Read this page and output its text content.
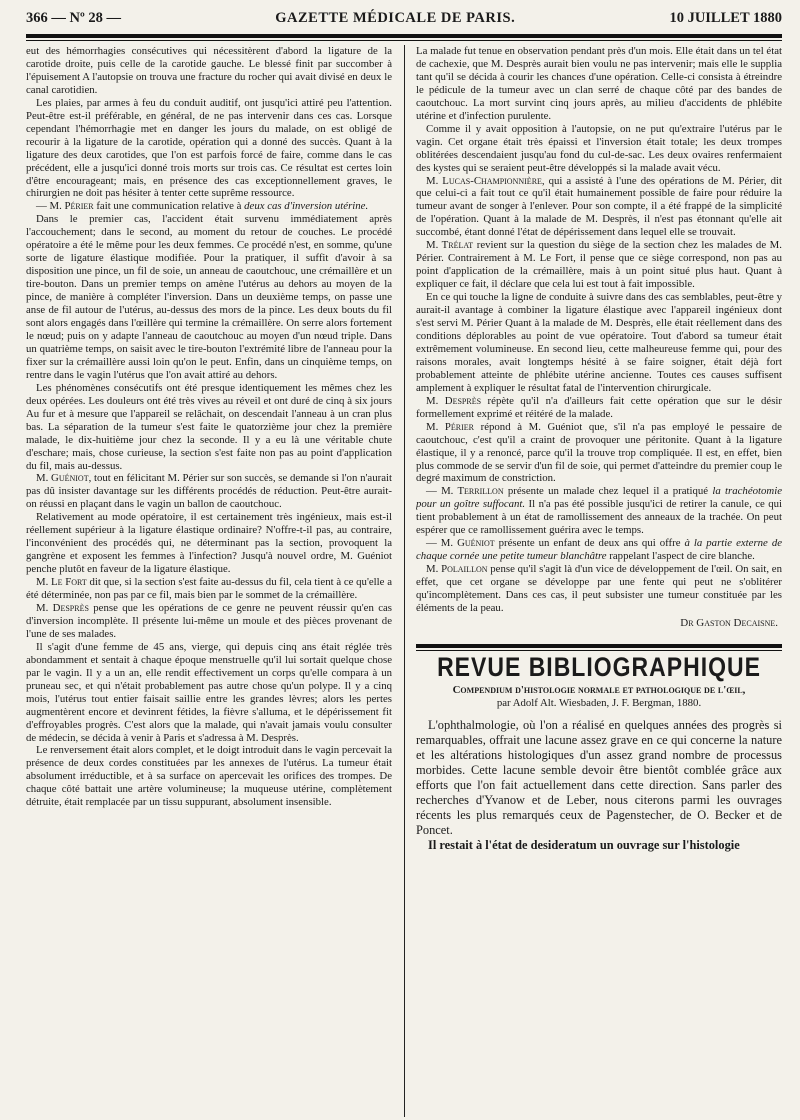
366 — Nº 28 —	GAZETTE MÉDICALE DE PARIS.	10 JUILLET 1880

eut des hémorrhagies consécutives qui nécessitèrent d'abord la ligature de la carotide droite, puis celle de la carotide gauche. Le blessé finit par succomber à l'épuisement A l'autopsie on trouva une fracture du rocher qui avait divisé en deux le canal carotidien.

Les plaies, par armes à feu du conduit auditif, ont jusqu'ici attiré peu l'attention. Peut-être est-il préférable, en général, de ne pas intervenir dans ces cas. Lorsque cependant l'hémorrhagie met en danger les jours du malade, on est obligé de recourir à la ligature de la carotide, opération qui a donné des succès. Quant à la ligature des deux carotides, que l'on est parfois forcé de faire, comme dans le cas précédent, elle a jusqu'ici donné trois morts sur trois cas. Ce résultat est certes loin d'être encourageant; mais, en présence des cas exceptionnellement graves, le chirurgien ne doit pas hésiter à tenter cette suprême ressource.

— M. Périer fait une communication relative à deux cas d'inversion utérine.

Dans le premier cas, l'accident était survenu immédiatement après l'accouchement; dans le second, au moment du retour de couches. Le procédé opératoire a été le même pour les deux femmes. Ce procédé n'est, en somme, qu'une sorte de ligature élastique modifiée. Pour la pratiquer, il suffit d'avoir à sa disposition une pince, un fil de soie, un anneau de caoutchouc, une crémaillère et un tire-bouton. Dans un premier temps on amène l'utérus au dehors au moyen de la pince, de manière à compléter l'inversion. Dans un deuxième temps, on passe une anse de fil autour de l'utérus, au-dessus des mors de la pince. Les deux bouts du fil sont alors engagés dans l'œillère qui termine la crémaillère. On serre alors fortement le nœud; puis on y adapte l'anneau de caoutchouc au moyen d'un nœud triple. Dans un quatrième temps, on saisit avec le tire-bouton l'extrémité libre de l'anneau pour la fixer sur la crémaillère aussi loin qu'on le peut. Enfin, dans un cinquième temps, on rentre dans le vagin l'utérus que l'on avait attiré au dehors.

Les phénomènes consécutifs ont été presque identiquement les mêmes chez les deux opérées. Les douleurs ont été très vives au réveil et ont duré de cinq à six jours Au fur et à mesure que l'appareil se relâchait, on descendait l'anneau à un cran plus bas. La séparation de la tumeur s'est faite le quatorzième jour chez la première malade, le dix-huitième jour chez la seconde. Il y a eu là une véritable chute d'eschare; mais, chose curieuse, la section s'est faite non pas au point d'application du fil, mais au-dessus.

M. Guéniot, tout en félicitant M. Périer sur son succès, se demande si l'on n'aurait pas dû insister davantage sur les différents procédés de réduction. Peut-être aurait-on réussi en plaçant dans le vagin un ballon de caoutchouc.

Relativement au mode opératoire, il est certainement très ingénieux, mais est-il réellement supérieur à la ligature élastique ordinaire? N'offre-t-il pas, au contraire, l'inconvénient des procédés qui, ne déterminant pas la section, provoquent la gangrène et exposent les femmes à l'infection? Jusqu'à nouvel ordre, M. Guéniot penche plutôt en faveur de la ligature élastique.

M. Le Fort dit que, si la section s'est faite au-dessus du fil, cela tient à ce qu'elle a été déterminée, non pas par ce fil, mais bien par le sommet de la crémaillère.

M. Desprès pense que les opérations de ce genre ne peuvent réussir qu'en cas d'inversion incomplète. Il présente lui-même un moule et des pièces provenant de l'une de ses malades.

Il s'agit d'une femme de 45 ans, vierge, qui depuis cinq ans était réglée très abondamment et sentait à chaque époque menstruelle qu'il lui sortait quelque chose par le vagin. Il y a un an, elle rendit effectivement un corps qu'elle compara à un pruneau sec, et qui n'était probablement pas autre chose qu'un polype. Il y a cinq mois, l'utérus tout entier faisait saillie entre les grandes lèvres; alors les pertes augmentèrent encore et devinrent fétides, la fièvre s'alluma, et le dépérissement fit d'effroyables progrès. C'est alors que la malade, qui n'avait jamais voulu consulter de médecin, se décida à venir à Paris et s'adressa à M. Desprès.

Le renversement était alors complet, et le doigt introduit dans le vagin percevait la présence de deux cordes constituées par les annexes de l'utérus. La tumeur était absolument irréductible, et à sa surface on apercevait les orifices des trompes. De chaque côté battait une artère volumineuse; la muqueuse utérine, complètement détruite, était remplacée par un tissu suppurant, absolument insensible.

La malade fut tenue en observation pendant près d'un mois. Elle était dans un tel état de cachexie, que M. Desprès aurait bien voulu ne pas intervenir; mais elle le supplia tant qu'il se décida à courir les chances d'une opération. Celle-ci consista à étreindre le pédicule de la tumeur avec un clan serré de chaque côté par des bandes de caoutchouc. La mort survint cinq jours après, au milieu d'accidents de phlébite utérine et d'infection purulente.

Comme il y avait opposition à l'autopsie, on ne put qu'extraire l'utérus par le vagin. Cet organe était très épaissi et l'inversion était totale; les deux trompes oblitérées descendaient jusqu'au fond du cul-de-sac. Les deux ovaires renfermaient des kystes qui se seraient peut-être développés si la malade avait vécu.

M. Lucas-Championnière, qui a assisté à l'une des opérations de M. Périer, dit que celui-ci a fait tout ce qu'il était humainement possible de faire pour réduire la tumeur avant de songer à l'enlever. Pour son compte, il a été frappé de la simplicité de l'opération. Quant à la malade de M. Desprès, il n'est pas étonnant qu'elle ait succombé, étant donné l'état de dépérissement dans lequel elle se trouvait.

M. Trélat revient sur la question du siège de la section chez les malades de M. Périer. Contrairement à M. Le Fort, il pense que ce siège correspond, non pas au point d'application de la crémaillère, mais à un point situé plus haut. Quant à expliquer ce fait, il déclare que cela lui est tout à fait impossible.

En ce qui touche la ligne de conduite à suivre dans des cas semblables, peut-être y aurait-il avantage à combiner la ligature élastique avec l'appareil ingénieux dont s'est servi M. Périer Quant à la malade de M. Desprès, elle était réellement dans des conditions déplorables au point de vue opératoire. Tout d'abord sa tumeur était extrêmement volumineuse. En second lieu, cette malheureuse femme qui, pour des raisons morales, avait longtemps hésité à se faire soigner, était déjà fort probablement atteinte de phlébite utérine ancienne. Toutes ces causes suffisent amplement à expliquer le résultat fatal de l'intervention chirurgicale.

M. Desprès répète qu'il n'a d'ailleurs fait cette opération que sur le désir formellement exprimé et réitéré de la malade.

M. Périer répond à M. Guéniot que, s'il n'a pas employé le pessaire de caoutchouc, c'est qu'il a craint de provoquer une péritonite. Quant à la ligature élastique, il y a renoncé, parce qu'il la trouve trop compliquée. Il est, en effet, bien plus commode de se servir d'un fil de soie, qui permet d'atteindre du premier coup le degré maximum de constriction.

— M. Terrillon présente un malade chez lequel il a pratiqué la trachéotomie pour un goître suffocant. Il n'a pas été possible jusqu'ici de retirer la canule, ce qui tient probablement à un état de ramollissement des anneaux de la trachée. On peut espérer que ce ramollissement guérira avec le temps.

— M. Guéniot présente un enfant de deux ans qui offre à la partie externe de chaque cornée une petite tumeur blanchâtre rappelant l'aspect de cire blanche.

M. Polaillon pense qu'il s'agit là d'un vice de développement de l'œil. On sait, en effet, que cet organe se développe par une fente qui peut ne s'oblitérer qu'incomplètement. Dans ces cas, il peut subsister une tumeur constituée par les éléments de la peau.

Dr Gaston Decaisne.
REVUE BIBLIOGRAPHIQUE
Compendium d'histologie normale et pathologique de l'œil,
par Adolf Alt. Wiesbaden, J. F. Bergman, 1880.

L'ophthalmologie, où l'on a réalisé en quelques années des progrès si remarquables, offrait une lacune assez grave en ce qui concerne la nature et les altérations histologiques d'un assez grand nombre de processus morbides. Cette lacune semble devoir être bientôt comblée grâce aux efforts que l'on fait actuellement dans cette direction. Sans parler des recherches d'Yvanow et de Leber, nous citerons parmi les ouvrages récents les plus remarqués ceux de Pagenstecher, de O. Becker et de Poncet.

Il restait à l'état de desideratum un ouvrage sur l'histologie
